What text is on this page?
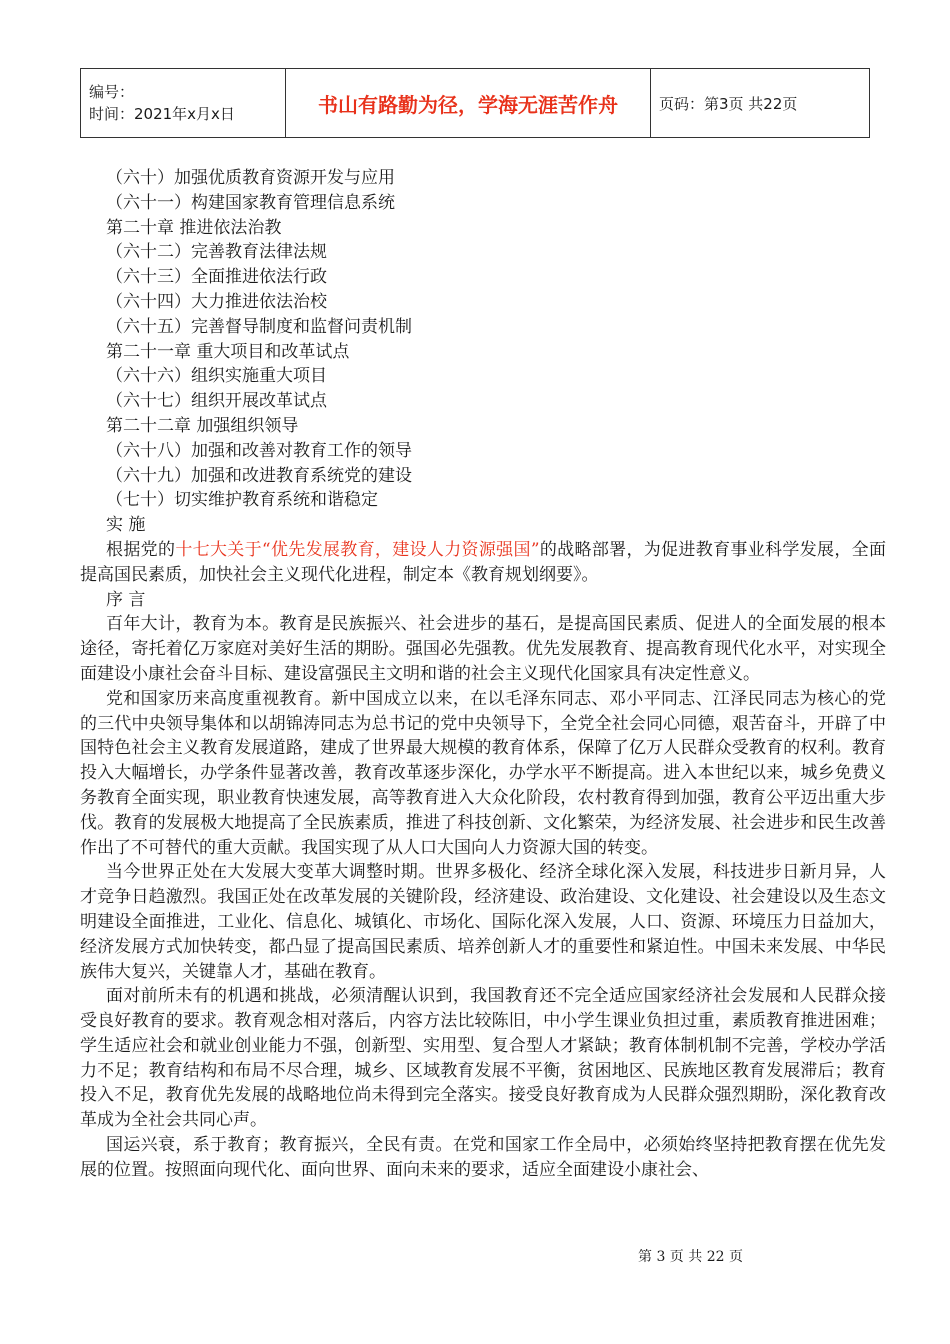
编号：
时间：2021年x月x日	书山有路勤为径，学海无涯苦作舟	页码：第3页 共22页
（六十）加强优质教育资源开发与应用
（六十一）构建国家教育管理信息系统
第二十章 推进依法治教
（六十二）完善教育法律法规
（六十三）全面推进依法行政
（六十四）大力推进依法治校
（六十五）完善督导制度和监督问责机制
第二十一章 重大项目和改革试点
（六十六）组织实施重大项目
（六十七）组织开展改革试点
第二十二章 加强组织领导
（六十八）加强和改善对教育工作的领导
（六十九）加强和改进教育系统党的建设
（七十）切实维护教育系统和谐稳定
实 施
根据党的十七大关于“优先发展教育，建设人力资源强国”的战略部署，为促进教育事业科学发展，全面提高国民素质，加快社会主义现代化进程，制定本《教育规划纲要》。
序 言
百年大计，教育为本。教育是民族振兴、社会进步的基石，是提高国民素质、促进人的全面发展的根本途径，寄托着亿万家庭对美好生活的期盼。强国必先强教。优先发展教育、提高教育现代化水平，对实现全面建设小康社会奋斗目标、建设富强民主文明和谐的社会主义现代化国家具有决定性意义。
党和国家历来高度重视教育。新中国成立以来，在以毛泽东同志、邓小平同志、江泽民同志为核心的党的三代中央领导集体和以胡锦涛同志为总书记的党中央领导下，全党全社会同心同德，艰苦奋斗，开辟了中国特色社会主义教育发展道路，建成了世界最大规模的教育体系，保障了亿万人民群众受教育的权利。教育投入大幅增长，办学条件显著改善，教育改革逐步深化，办学水平不断提高。进入本世纪以来，城乡免费义务教育全面实现，职业教育快速发展，高等教育进入大众化阶段，农村教育得到加强，教育公平迈出重大步伐。教育的发展极大地提高了全民族素质，推进了科技创新、文化繁荣，为经济发展、社会进步和民生改善作出了不可替代的重大贡献。我国实现了从人口大国向人力资源大国的转变。
当今世界正处在大发展大变革大调整时期。世界多极化、经济全球化深入发展，科技进步日新月异，人才竞争日趋激烈。我国正处在改革发展的关键阶段，经济建设、政治建设、文化建设、社会建设以及生态文明建设全面推进，工业化、信息化、城镇化、市场化、国际化深入发展，人口、资源、环境压力日益加大，经济发展方式加快转变，都凸显了提高国民素质、培养创新人才的重要性和紧迫性。中国未来发展、中华民族伟大复兴，关键靠人才，基础在教育。
面对前所未有的机遇和挑战，必须清醒认识到，我国教育还不完全适应国家经济社会发展和人民群众接受良好教育的要求。教育观念相对落后，内容方法比较陈旧，中小学生课业负担过重，素质教育推进困难；学生适应社会和就业创业能力不强，创新型、实用型、复合型人才紧缺；教育体制机制不完善，学校办学活力不足；教育结构和布局不尽合理，城乡、区域教育发展不平衡，贫困地区、民族地区教育发展滞后；教育投入不足，教育优先发展的战略地位尚未得到完全落实。接受良好教育成为人民群众强烈期盼，深化教育改革成为全社会共同心声。
国运兴衰，系于教育；教育振兴，全民有责。在党和国家工作全局中，必须始终坚持把教育摆在优先发展的位置。按照面向现代化、面向世界、面向未来的要求，适应全面建设小康社会、
第 3 页 共 22 页
